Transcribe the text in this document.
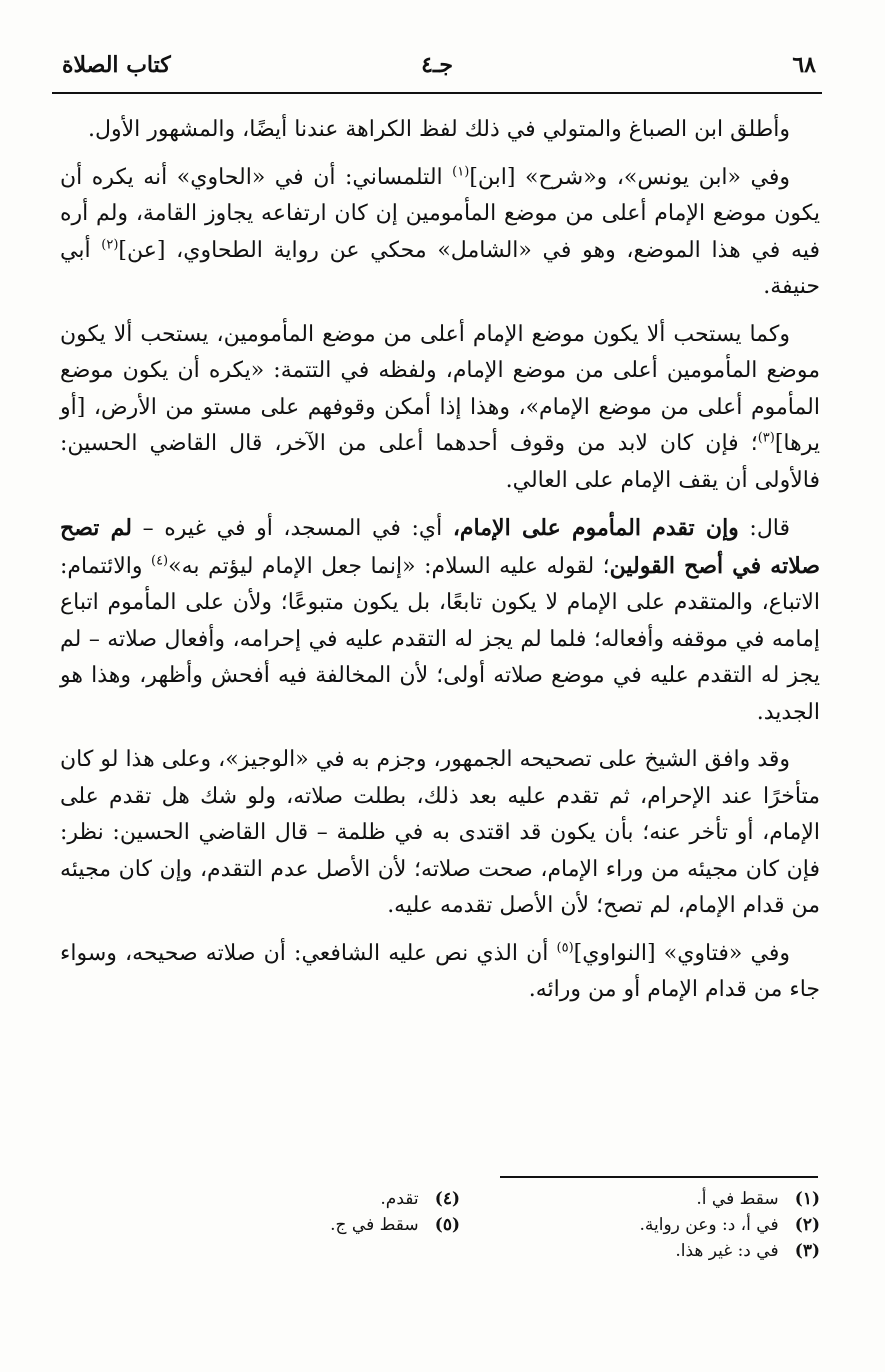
٦٨
جـ٤
كتاب الصلاة

وأطلق ابن الصباغ والمتولي في ذلك لفظ الكراهة عندنا أيضًا، والمشهور الأول.

وفي «ابن يونس»، و«شرح» [ابن]$^{(١)}$ التلمساني: أن في «الحاوي» أنه يكره أن يكون موضع الإمام أعلى من موضع المأمومين إن كان ارتفاعه يجاوز القامة، ولم أره فيه في هذا الموضع، وهو في «الشامل» محكي عن رواية الطحاوي، [عن]$^{(٢)}$ أبي حنيفة.

وكما يستحب ألا يكون موضع الإمام أعلى من موضع المأمومين، يستحب ألا يكون موضع المأمومين أعلى من موضع الإمام، ولفظه في التتمة: «يكره أن يكون موضع المأموم أعلى من موضع الإمام»، وهذا إذا أمكن وقوفهم على مستو من الأرض، [أو يرها]$^{(٣)}$؛ فإن كان لابد من وقوف أحدهما أعلى من الآخر، قال القاضي الحسين: فالأولى أن يقف الإمام على العالي.

قال: وإن تقدم المأموم على الإمام، أي: في المسجد، أو في غيره – لم تصح صلاته في أصح القولين؛ لقوله عليه السلام: «إنما جعل الإمام ليؤتم به»$^{(٤)}$ والائتمام: الاتباع، والمتقدم على الإمام لا يكون تابعًا، بل يكون متبوعًا؛ ولأن على المأموم اتباع إمامه في موقفه وأفعاله؛ فلما لم يجز له التقدم عليه في إحرامه، وأفعال صلاته – لم يجز له التقدم عليه في موضع صلاته أولى؛ لأن المخالفة فيه أفحش وأظهر، وهذا هو الجديد.

وقد وافق الشيخ على تصحيحه الجمهور، وجزم به في «الوجيز»، وعلى هذا لو كان متأخرًا عند الإحرام، ثم تقدم عليه بعد ذلك، بطلت صلاته، ولو شك هل تقدم على الإمام، أو تأخر عنه؛ بأن يكون قد اقتدى به في ظلمة – قال القاضي الحسين: نظر: فإن كان مجيئه من وراء الإمام، صحت صلاته؛ لأن الأصل عدم التقدم، وإن كان مجيئه من قدام الإمام، لم تصح؛ لأن الأصل تقدمه عليه.

وفي «فتاوي» [النواوي]$^{(٥)}$ أن الذي نص عليه الشافعي: أن صلاته صحيحه، وسواء جاء من قدام الإمام أو من ورائه.

(١) سقط في أ.
(٢) في أ، د: وعن رواية.
(٣) في د: غير هذا.
(٤) تقدم.
(٥) سقط في ج.
